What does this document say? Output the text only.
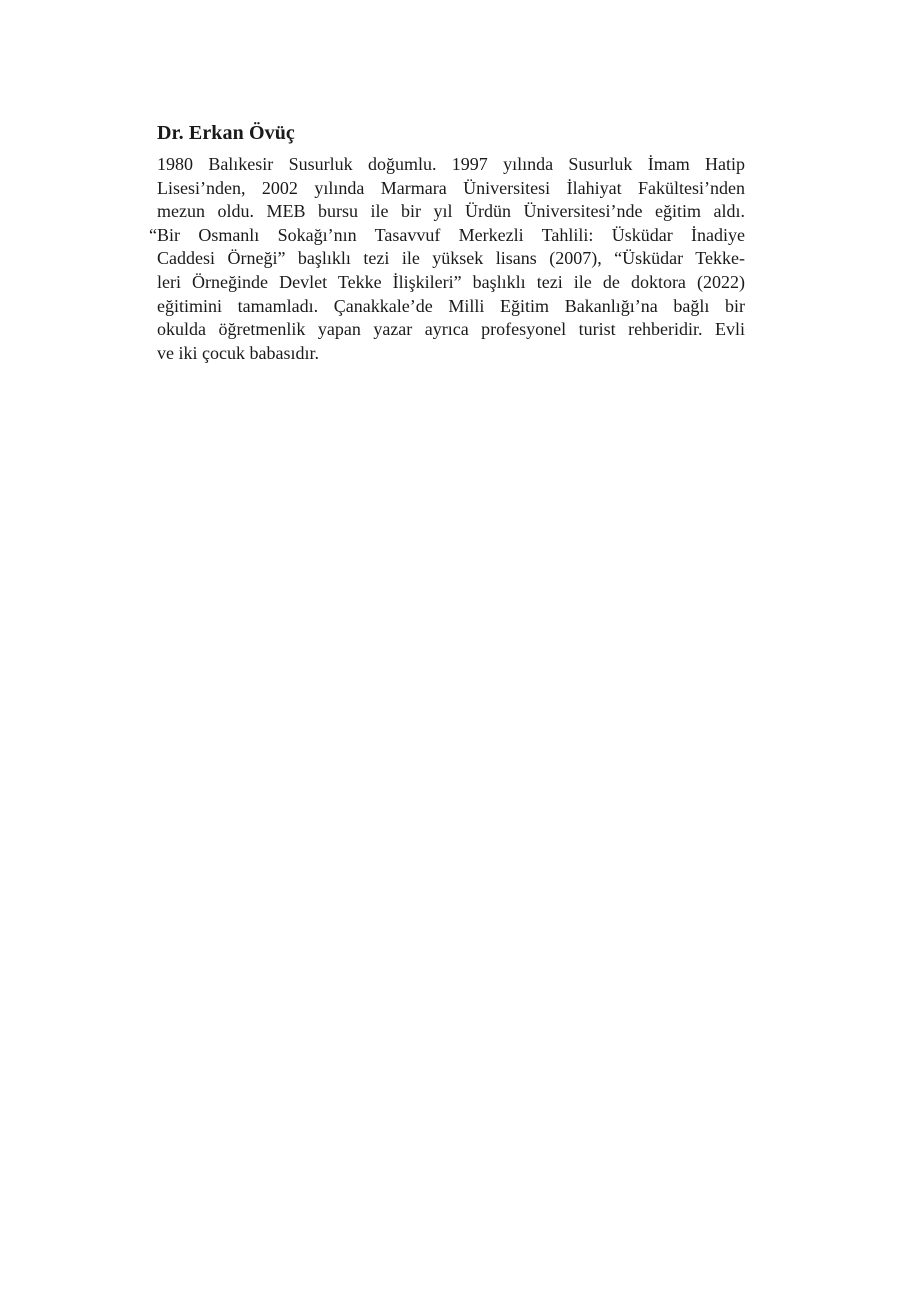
Dr. Erkan Övüç

1980 Balıkesir Susurluk doğumlu. 1997 yılında Susurluk İmam Hatip
Lisesi’nden, 2002 yılında Marmara Üniversitesi İlahiyat Fakültesi’nden
mezun oldu. MEB bursu ile bir yıl Ürdün Üniversitesi’nde eğitim aldı.
“Bir Osmanlı Sokağı’nın Tasavvuf Merkezli Tahlili: Üsküdar İnadiye
Caddesi Örneği” başlıklı tezi ile yüksek lisans (2007), “Üsküdar Tekke-
leri Örneğinde Devlet Tekke İlişkileri” başlıklı tezi ile de doktora (2022)
eğitimini tamamladı. Çanakkale’de Milli Eğitim Bakanlığı’na bağlı bir
okulda öğretmenlik yapan yazar ayrıca profesyonel turist rehberidir. Evli
ve iki çocuk babasıdır.
